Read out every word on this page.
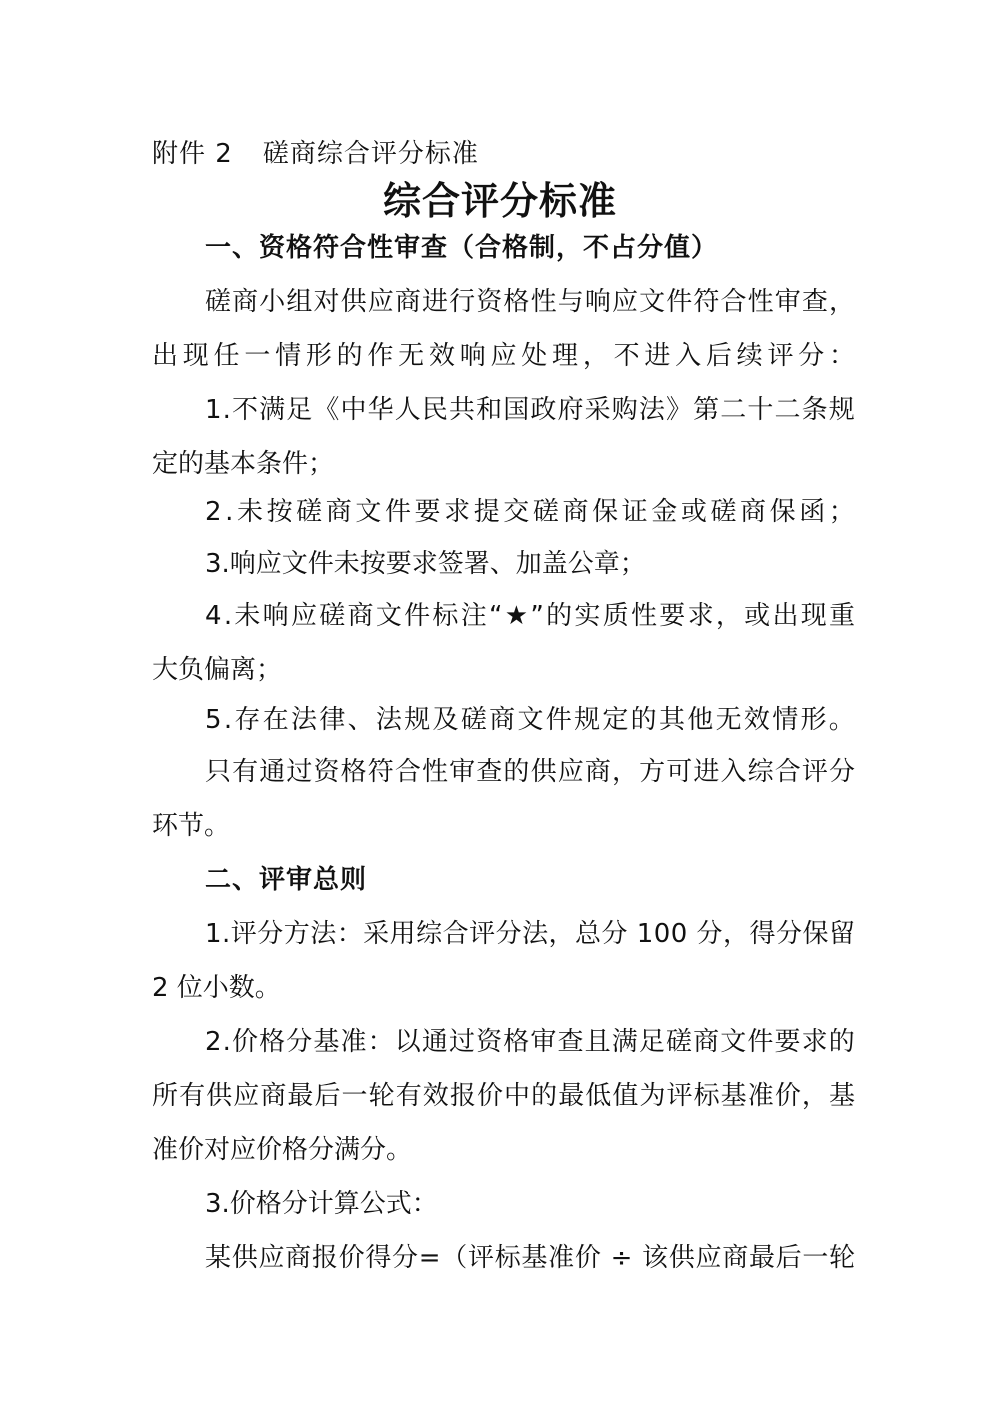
附件 2 磋商综合评分标准
综合评分标准
一、资格符合性审查（合格制，不占分值）
磋商小组对供应商进行资格性与响应文件符合性审查，
出现任一情形的作无效响应处理，不进入后续评分：
1.不满足《中华人民共和国政府采购法》第二十二条规
定的基本条件；
2.未按磋商文件要求提交磋商保证金或磋商保函；
3.响应文件未按要求签署、加盖公章；
4.未响应磋商文件标注“★”的实质性要求，或出现重
大负偏离；
5.存在法律、法规及磋商文件规定的其他无效情形。
只有通过资格符合性审查的供应商，方可进入综合评分
环节。
二、评审总则
1.评分方法：采用综合评分法，总分 100 分，得分保留
2 位小数。
2.价格分基准：以通过资格审查且满足磋商文件要求的
所有供应商最后一轮有效报价中的最低值为评标基准价，基
准价对应价格分满分。
3.价格分计算公式：
某供应商报价得分=（评标基准价 ÷ 该供应商最后一轮
